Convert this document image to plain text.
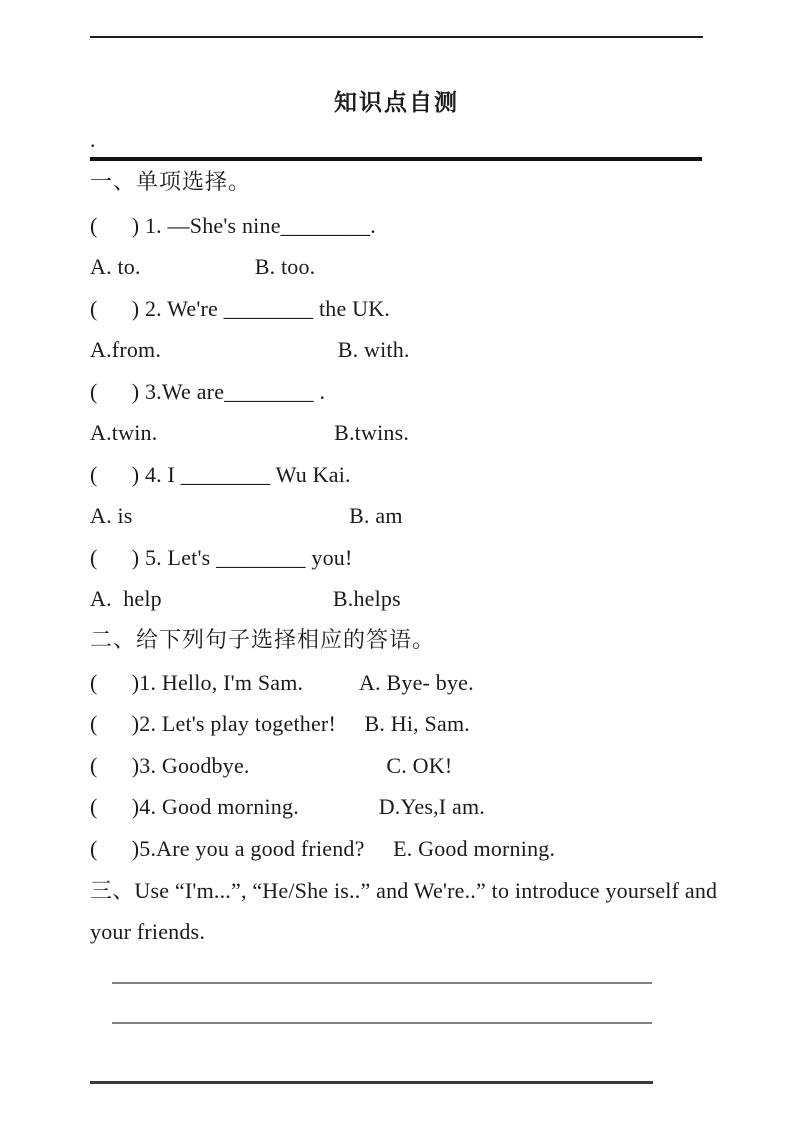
知识点自测
.
一、单项选择。
(      ) 1. —She's nine________.
A. to.                    B. too.
(      ) 2. We're ________ the UK.
A.from.                               B. with.
(      ) 3.We are________ .
A.twin.                               B.twins.
(      ) 4. I ________ Wu Kai.
A. is                                      B. am
(      ) 5. Let's ________ you!
A.  help                              B.helps
二、给下列句子选择相应的答语。
(      )1. Hello, I'm Sam.          A. Bye- bye.
(      )2. Let's play together!     B. Hi, Sam.
(      )3. Goodbye.                        C. OK!
(      )4. Good morning.              D.Yes,I am.
(      )5.Are you a good friend?     E. Good morning.
三、Use “I'm...”, “He/She is..” and We're..” to introduce yourself and
your friends.
